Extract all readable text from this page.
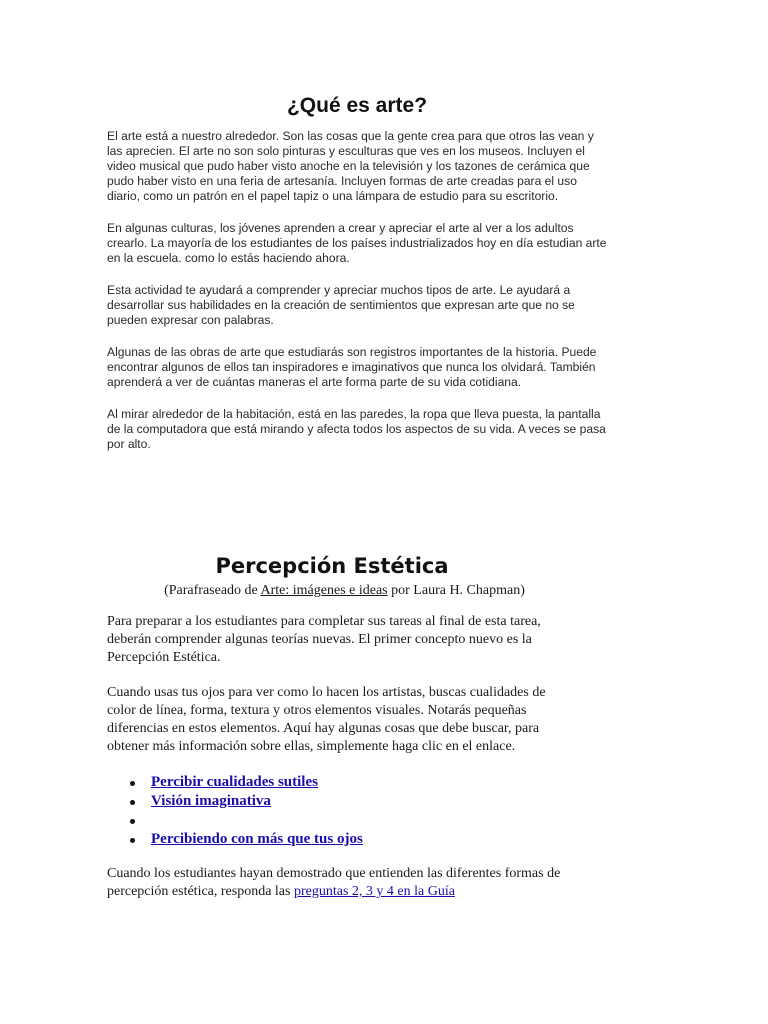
¿Qué es arte?

El arte está a nuestro alrededor. Son las cosas que la gente crea para que otros las vean y las aprecien. El arte no son solo pinturas y esculturas que ves en los museos. Incluyen el video musical que pudo haber visto anoche en la televisión y los tazones de cerámica que pudo haber visto en una feria de artesanía. Incluyen formas de arte creadas para el uso diario, como un patrón en el papel tapiz o una lámpara de estudio para su escritorio.

En algunas culturas, los jóvenes aprenden a crear y apreciar el arte al ver a los adultos crearlo. La mayoría de los estudiantes de los países industrializados hoy en día estudian arte en la escuela. como lo estás haciendo ahora.

Esta actividad te ayudará a comprender y apreciar muchos tipos de arte. Le ayudará a desarrollar sus habilidades en la creación de sentimientos que expresan arte que no se pueden expresar con palabras.

Algunas de las obras de arte que estudiarás son registros importantes de la historia. Puede encontrar algunos de ellos tan inspiradores e imaginativos que nunca los olvidará. También aprenderá a ver de cuántas maneras el arte forma parte de su vida cotidiana.

Al mirar alrededor de la habitación, está en las paredes, la ropa que lleva puesta, la pantalla de la computadora que está mirando y afecta todos los aspectos de su vida. A veces se pasa por alto.

Percepción Estética
(Parafraseado de Arte: imágenes e ideas por Laura H. Chapman)

Para preparar a los estudiantes para completar sus tareas al final de esta tarea, deberán comprender algunas teorías nuevas. El primer concepto nuevo es la Percepción Estética.

Cuando usas tus ojos para ver como lo hacen los artistas, buscas cualidades de color de línea, forma, textura y otros elementos visuales. Notarás pequeñas diferencias en estos elementos. Aquí hay algunas cosas que debe buscar, para obtener más información sobre ellas, simplemente haga clic en el enlace.

Percibir cualidades sutiles
Visión imaginativa
Percibiendo con más que tus ojos

Cuando los estudiantes hayan demostrado que entienden las diferentes formas de percepción estética, responda las preguntas 2, 3 y 4 en la Guía
